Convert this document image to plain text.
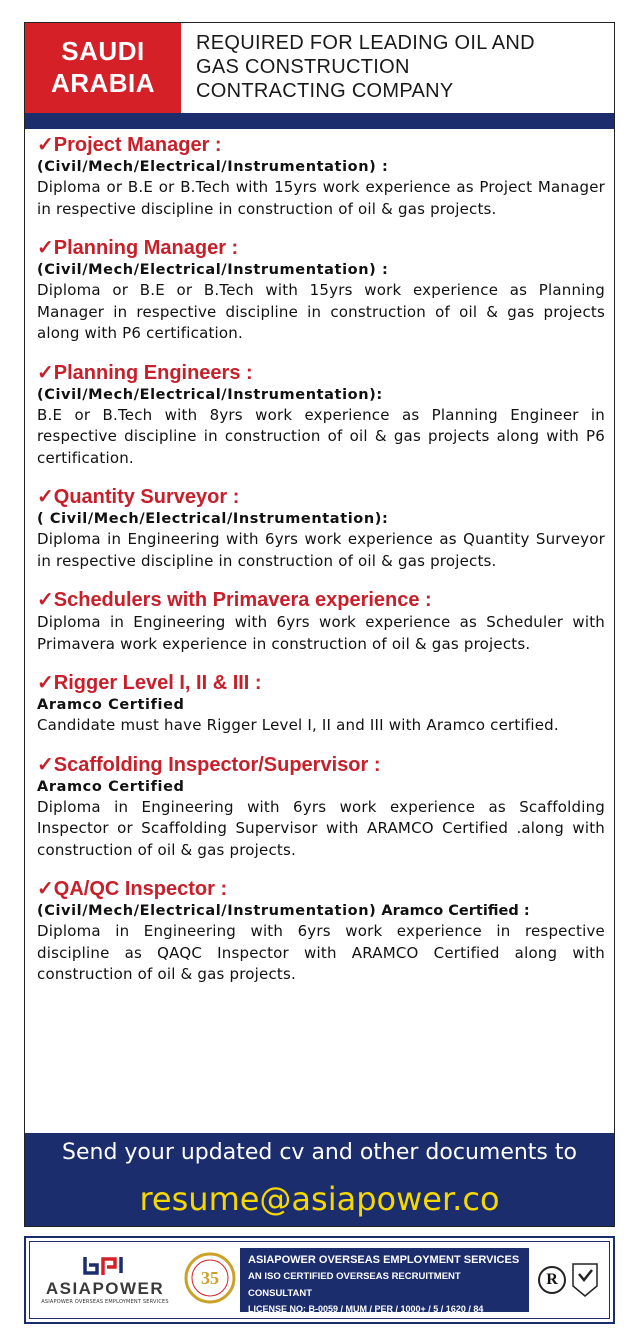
SAUDI
ARABIA
REQUIRED FOR LEADING OIL AND
GAS CONSTRUCTION
CONTRACTING COMPANY
✓Project Manager :
(Civil/Mech/Electrical/Instrumentation) :
Diploma or B.E or B.Tech with 15yrs work experience as Project Manager in respective discipline in construction of oil & gas projects.
✓Planning Manager :
(Civil/Mech/Electrical/Instrumentation) :
Diploma or B.E or B.Tech with 15yrs work experience as Planning Manager in respective discipline in construction of oil & gas projects along with P6 certification.
✓Planning Engineers :
(Civil/Mech/Electrical/Instrumentation):
B.E or B.Tech with 8yrs work experience as Planning Engineer in respective discipline in construction of oil & gas projects along with P6 certification.
✓Quantity Surveyor :
( Civil/Mech/Electrical/Instrumentation):
Diploma in Engineering with 6yrs work experience as Quantity Surveyor in respective discipline in construction of oil & gas projects.
✓Schedulers with Primavera experience :
Diploma in Engineering with 6yrs work experience as Scheduler with Primavera work experience in construction of oil & gas projects.
✓Rigger Level I, II & III :
Aramco Certified
Candidate must have Rigger Level I, II and III with Aramco certified.
✓Scaffolding Inspector/Supervisor :
Aramco Certified
Diploma in Engineering with 6yrs work experience as Scaffolding Inspector or Scaffolding Supervisor with ARAMCO Certified .along with construction of oil & gas projects.
✓QA/QC Inspector :
(Civil/Mech/Electrical/Instrumentation) Aramco Certified :
Diploma in Engineering with 6yrs work experience in respective discipline as QAQC Inspector with ARAMCO Certified along with construction of oil & gas projects.
Send your updated cv and other documents to
resume@asiapower.co
ASIAPOWER
ASIAPOWER OVERSEAS EMPLOYMENT SERVICES
35
ASIAPOWER OVERSEAS EMPLOYMENT SERVICES
AN ISO CERTIFIED OVERSEAS RECRUITMENT CONSULTANT
LICENSE NO: B-0059 / MUM / PER / 1000+ / 5 / 1620 / 84
R
